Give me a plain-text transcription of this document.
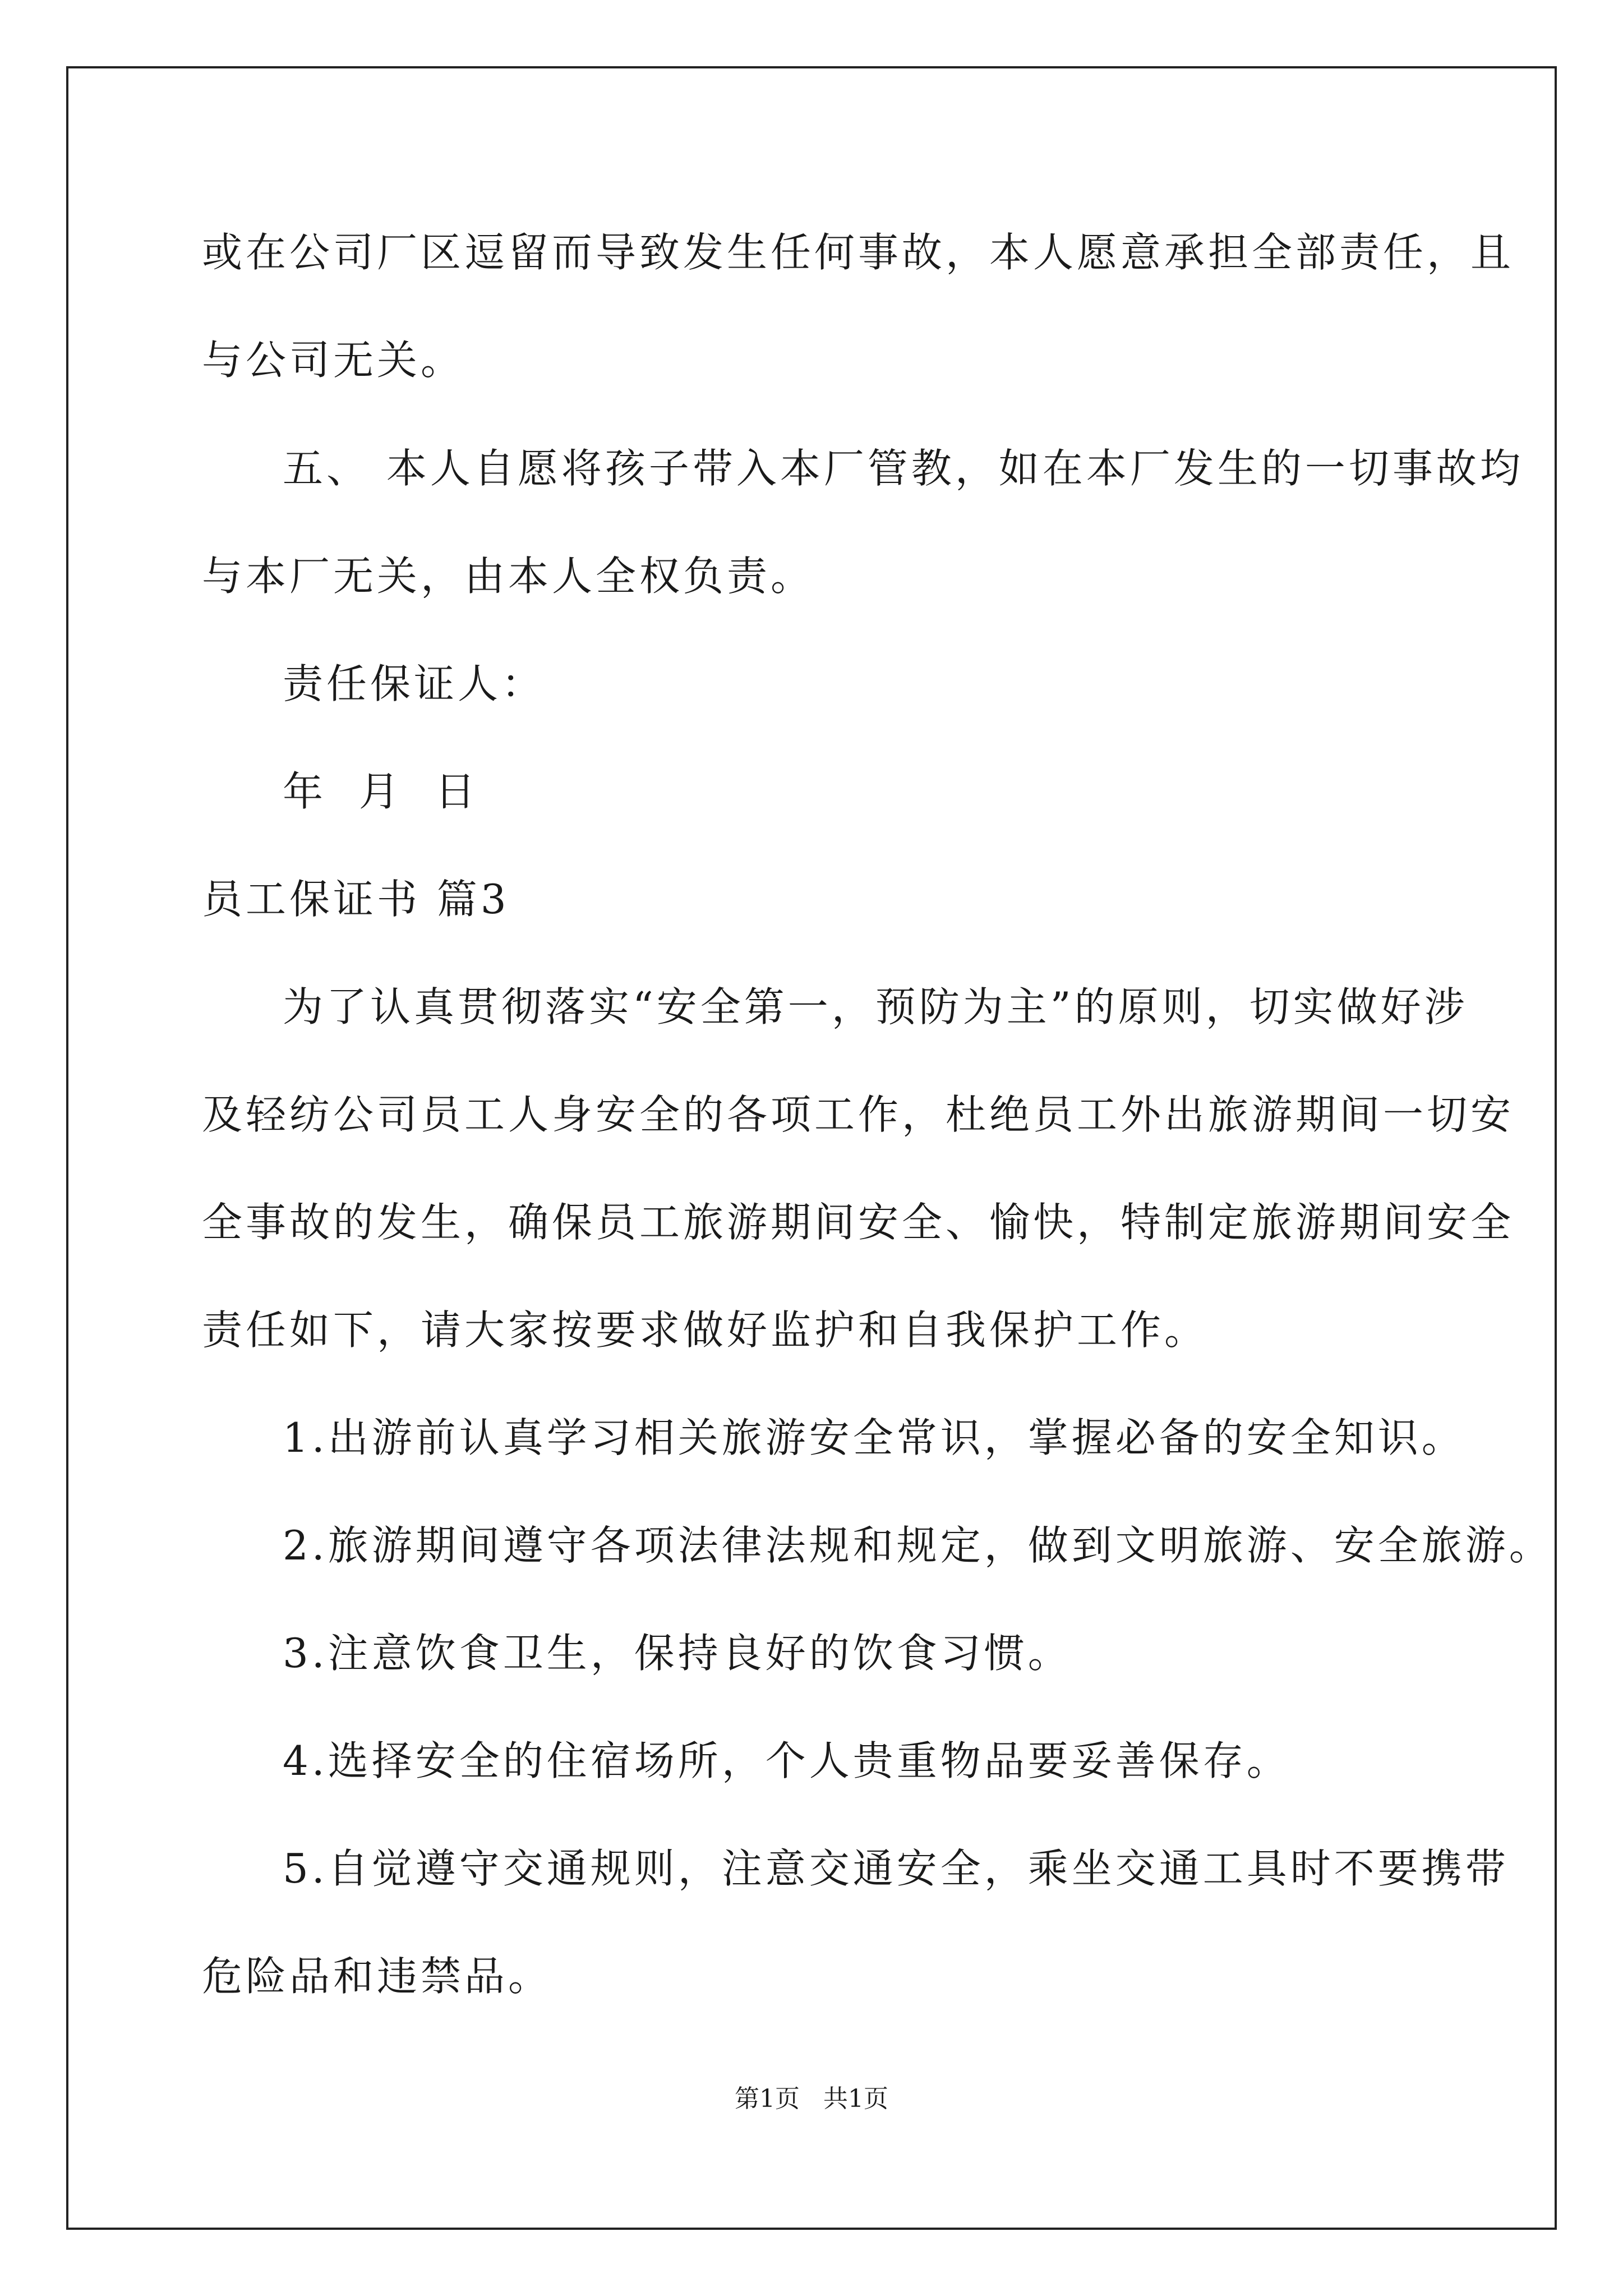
或在公司厂区逗留而导致发生任何事故，本人愿意承担全部责任，且
与公司无关。
五、 本人自愿将孩子带入本厂管教，如在本厂发生的一切事故均
与本厂无关，由本人全权负责。
责任保证人：
年  月  日
员工保证书 篇3
为了认真贯彻落实“安全第一，预防为主”的原则，切实做好涉
及轻纺公司员工人身安全的各项工作，杜绝员工外出旅游期间一切安
全事故的发生，确保员工旅游期间安全、愉快，特制定旅游期间安全
责任如下，请大家按要求做好监护和自我保护工作。
1.出游前认真学习相关旅游安全常识，掌握必备的安全知识。
2.旅游期间遵守各项法律法规和规定，做到文明旅游、安全旅游。
3.注意饮食卫生，保持良好的饮食习惯。
4.选择安全的住宿场所，个人贵重物品要妥善保存。
5.自觉遵守交通规则，注意交通安全，乘坐交通工具时不要携带
危险品和违禁品。
第1页   共1页
